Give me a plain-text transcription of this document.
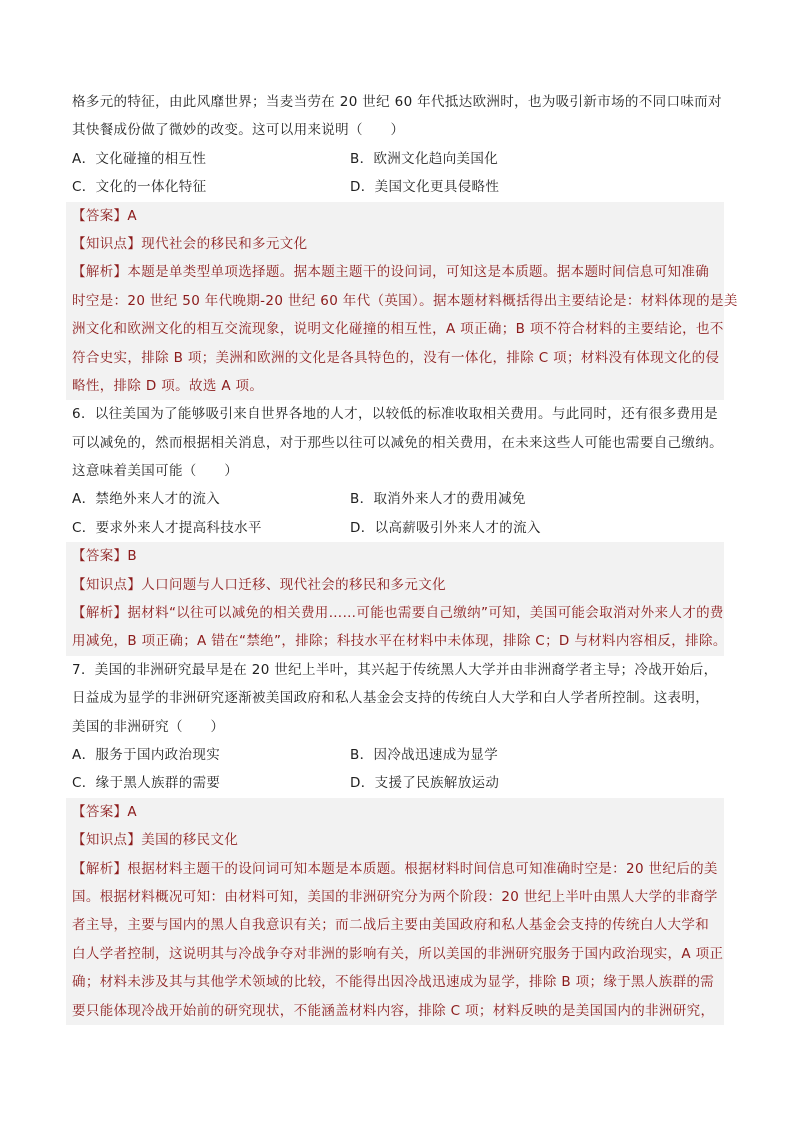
格多元的特征，由此风靡世界；当麦当劳在 20 世纪 60 年代抵达欧洲时，也为吸引新市场的不同口味而对
其快餐成份做了微妙的改变。这可以用来说明（　　）
A．文化碰撞的相互性	B．欧洲文化趋向美国化
C．文化的一体化特征	D．美国文化更具侵略性
【答案】A
【知识点】现代社会的移民和多元文化
【解析】本题是单类型单项选择题。据本题主题干的设问词，可知这是本质题。据本题时间信息可知准确
时空是：20 世纪 50 年代晚期-20 世纪 60 年代（英国）。据本题材料概括得出主要结论是：材料体现的是美
洲文化和欧洲文化的相互交流现象，说明文化碰撞的相互性，A 项正确；B 项不符合材料的主要结论，也不
符合史实，排除 B 项；美洲和欧洲的文化是各具特色的，没有一体化，排除 C 项；材料没有体现文化的侵
略性，排除 D 项。故选 A 项。
6．以往美国为了能够吸引来自世界各地的人才，以较低的标准收取相关费用。与此同时，还有很多费用是
可以减免的，然而根据相关消息，对于那些以往可以减免的相关费用，在未来这些人可能也需要自己缴纳。
这意味着美国可能（　　）
A．禁绝外来人才的流入	B．取消外来人才的费用减免
C．要求外来人才提高科技水平	D．以高薪吸引外来人才的流入
【答案】B
【知识点】人口问题与人口迁移、现代社会的移民和多元文化
【解析】据材料“以往可以减免的相关费用……可能也需要自己缴纳”可知，美国可能会取消对外来人才的费
用减免，B 项正确；A 错在“禁绝”，排除；科技水平在材料中未体现，排除 C；D 与材料内容相反，排除。
7．美国的非洲研究最早是在 20 世纪上半叶，其兴起于传统黑人大学并由非洲裔学者主导；冷战开始后，
日益成为显学的非洲研究逐渐被美国政府和私人基金会支持的传统白人大学和白人学者所控制。这表明，
美国的非洲研究（　　）
A．服务于国内政治现实	B．因冷战迅速成为显学
C．缘于黑人族群的需要	D．支援了民族解放运动
【答案】A
【知识点】美国的移民文化
【解析】根据材料主题干的设问词可知本题是本质题。根据材料时间信息可知准确时空是：20 世纪后的美
国。根据材料概况可知：由材料可知，美国的非洲研究分为两个阶段：20 世纪上半叶由黑人大学的非裔学
者主导，主要与国内的黑人自我意识有关；而二战后主要由美国政府和私人基金会支持的传统白人大学和
白人学者控制，这说明其与冷战争夺对非洲的影响有关，所以美国的非洲研究服务于国内政治现实，A 项正
确；材料未涉及其与其他学术领域的比较，不能得出因冷战迅速成为显学，排除 B 项；缘于黑人族群的需
要只能体现冷战开始前的研究现状，不能涵盖材料内容，排除 C 项；材料反映的是美国国内的非洲研究，
